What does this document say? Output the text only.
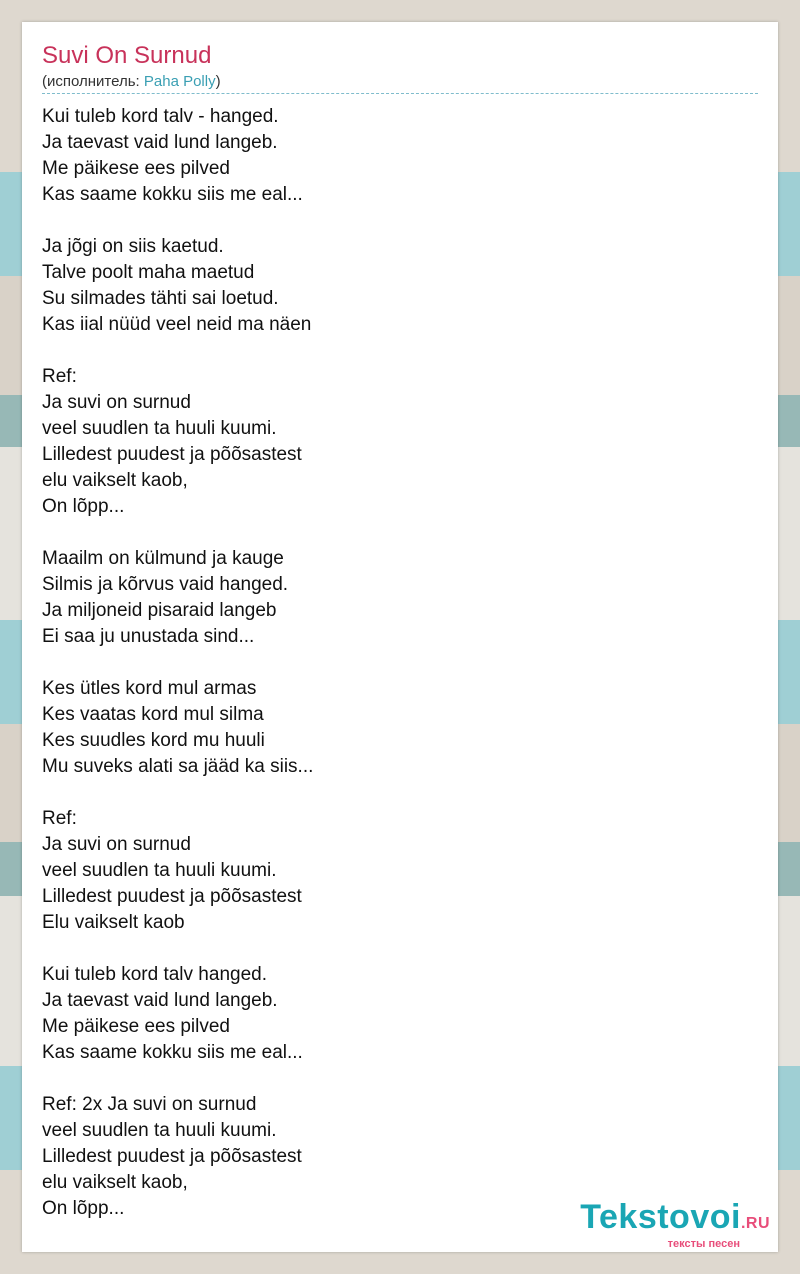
Suvi On Surnud
(исполнитель: Paha Polly)
Kui tuleb kord talv - hanged.
Ja taevast vaid lund langeb.
Me päikese ees pilved
Kas saame kokku siis me eal...
Ja jõgi on siis kaetud.
Talve poolt maha maetud
Su silmades tähti sai loetud.
Kas iial nüüd veel neid ma näen
Ref:
Ja suvi on surnud
veel suudlen ta huuli kuumi.
Lilledest puudest ja põõsastest
elu vaikselt kaob,
On lõpp...
Maailm on külmund ja kauge
Silmis ja kõrvus vaid hanged.
Ja miljoneid pisaraid langeb
Ei saa ju unustada sind...
Kes ütles kord mul armas
Kes vaatas kord mul silma
Kes suudles kord mu huuli
Mu suveks alati sa jääd ka siis...
Ref:
Ja suvi on surnud
veel suudlen ta huuli kuumi.
Lilledest puudest ja põõsastest
Elu vaikselt kaob
Kui tuleb kord talv hanged.
Ja taevast vaid lund langeb.
Me päikese ees pilved
Kas saame kokku siis me eal...
Ref: 2x Ja suvi on surnud
veel suudlen ta huuli kuumi.
Lilledest puudest ja põõsastest
elu vaikselt kaob,
On lõpp...	Tekstovoi.RU
тексты песен
